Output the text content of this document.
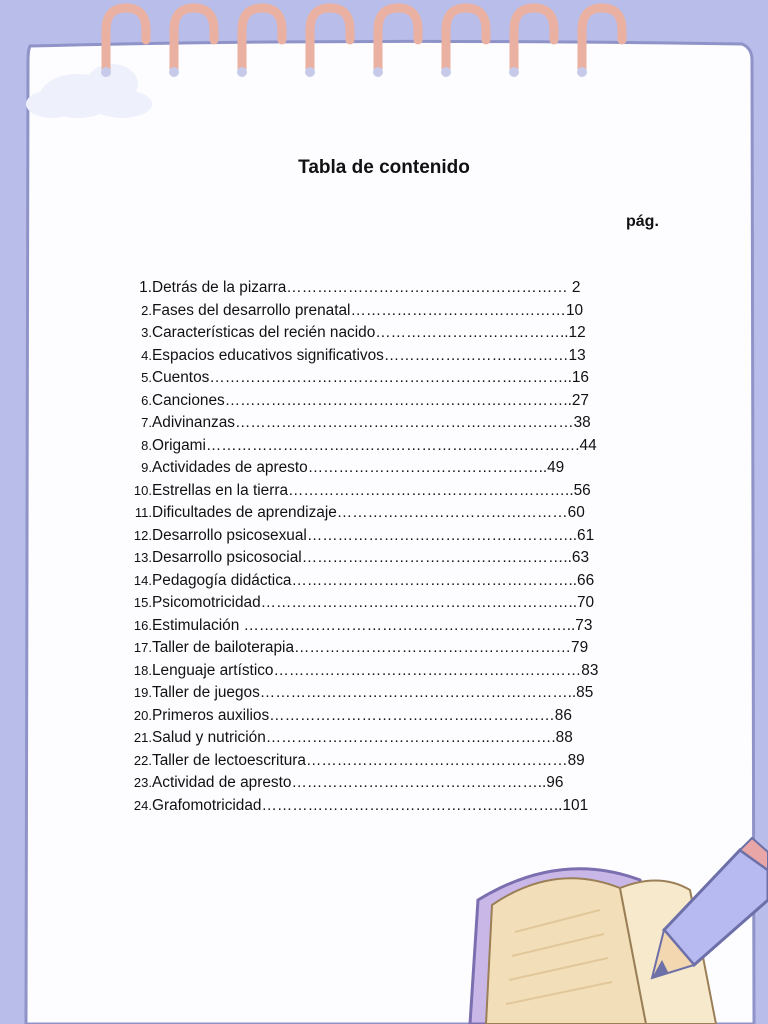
Tabla de contenido
pág.
1. Detrás de la pizarra……………………………….……………… 2
2. Fases del desarrollo prenatal……………………………………10
3. Características del recién nacido………………………………..12
4. Espacios educativos significativos………………………………13
5. Cuentos……………………………………………………………..16
6. Canciones…………………………………………………………..27
7. Adivinanzas…………………………………………………………38
8. Origami……………………………………………………………….44
9. Actividades de apresto………………………………………..49
10. Estrellas en la tierra………………………………………………..56
11. Dificultades de aprendizaje………………………………………60
12. Desarrollo psicosexual……………………………………………..61
13. Desarrollo psicosocial……………………………………………..63
14. Pedagogía didáctica………………………………………………..66
15. Psicomotricidad……………………………………………………..70
16. Estimulación ………………………………………………………..73
17. Taller de bailoterapia………………………………………………79
18. Lenguaje artístico……………………………………………………83
19. Taller de juegos……………………………………………………..85
20. Primeros auxilios…………………………………..……………86
21. Salud y nutrición……………………………………..………….88
22. Taller de lectoescritura……………………………………………89
23. Actividad de apresto…………………………………………..96
24. Grafomotricidad…………………………………………………..101
